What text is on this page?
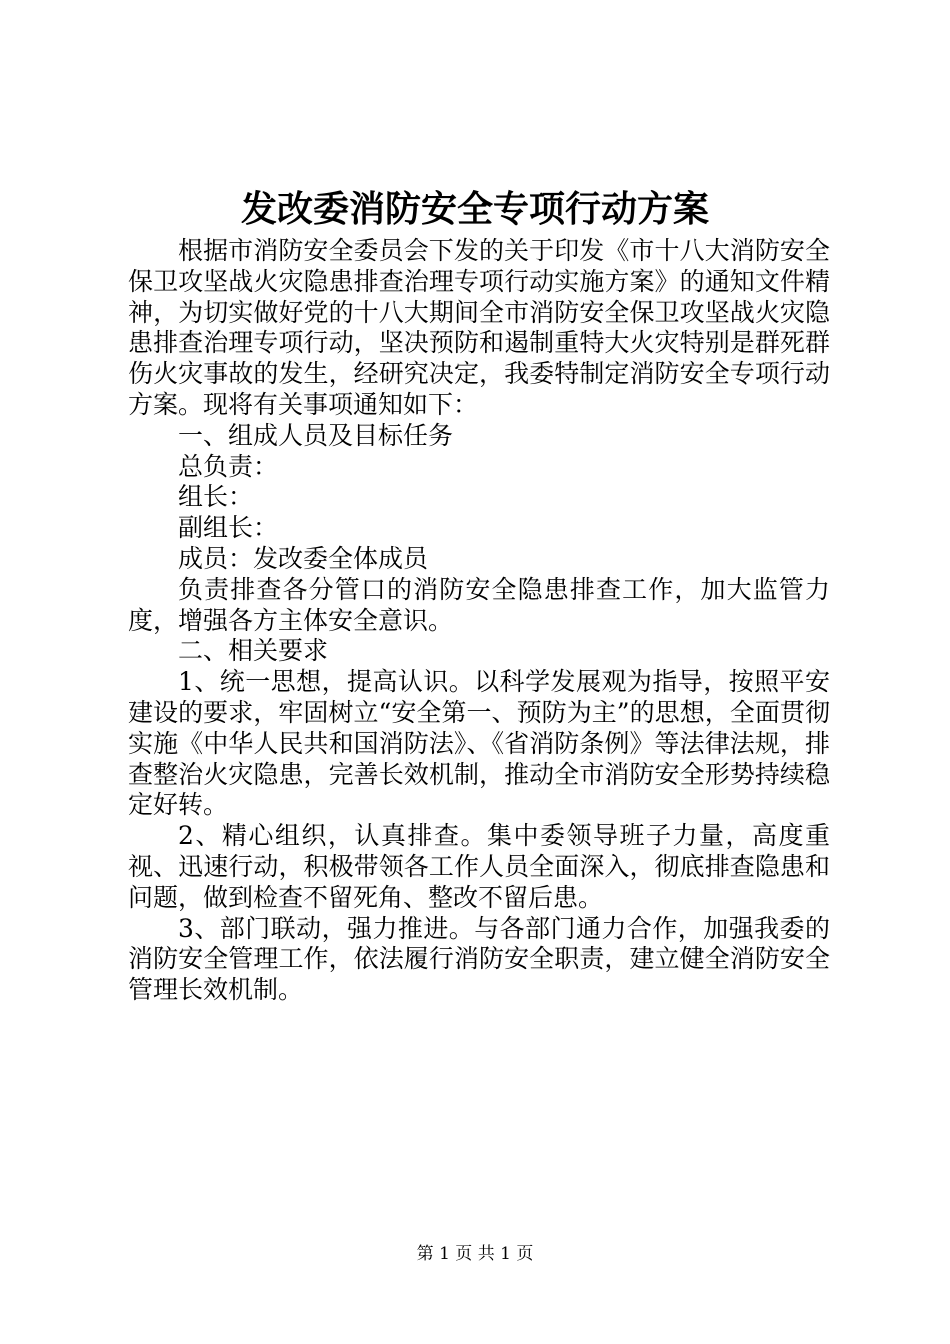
发改委消防安全专项行动方案

根据市消防安全委员会下发的关于印发《市十八大消防安全保卫攻坚战火灾隐患排查治理专项行动实施方案》的通知文件精神，为切实做好党的十八大期间全市消防安全保卫攻坚战火灾隐患排查治理专项行动，坚决预防和遏制重特大火灾特别是群死群伤火灾事故的发生，经研究决定，我委特制定消防安全专项行动方案。现将有关事项通知如下：

一、组成人员及目标任务

总负责：

组长：

副组长：

成员：发改委全体成员

负责排查各分管口的消防安全隐患排查工作，加大监管力度，增强各方主体安全意识。

二、相关要求

1、统一思想，提高认识。以科学发展观为指导，按照平安建设的要求，牢固树立“安全第一、预防为主”的思想，全面贯彻实施《中华人民共和国消防法》、《省消防条例》等法律法规，排查整治火灾隐患，完善长效机制，推动全市消防安全形势持续稳定好转。

2、精心组织，认真排查。集中委领导班子力量，高度重视、迅速行动，积极带领各工作人员全面深入，彻底排查隐患和问题，做到检查不留死角、整改不留后患。

3、部门联动，强力推进。与各部门通力合作，加强我委的消防安全管理工作，依法履行消防安全职责，建立健全消防安全管理长效机制。

第 1 页 共 1 页
